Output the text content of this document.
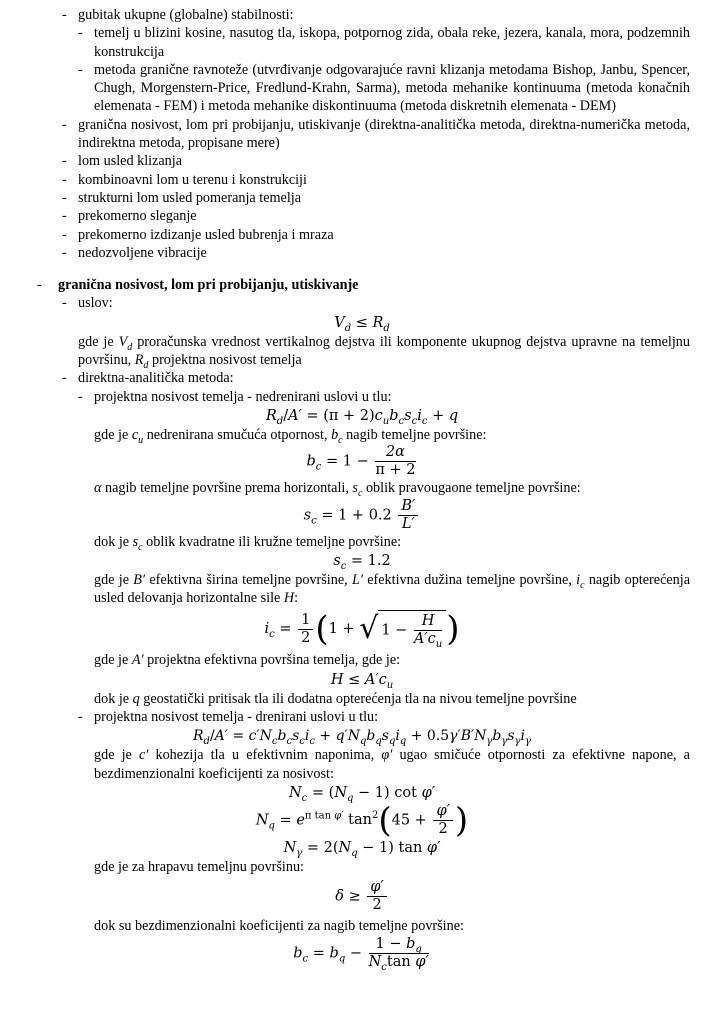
- gubitak ukupne (globalne) stabilnosti:
- temelj u blizini kosine, nasutog tla, iskopa, potpornog zida, obala reke, jezera, kanala, mora, podzemnih konstrukcija
- metoda granične ravnoteže (utvrđivanje odgovarajuće ravni klizanja metodama Bishop, Janbu, Spencer, Chugh, Morgenstern-Price, Fredlund-Krahn, Sarma), metoda mehanike kontinuuma (metoda konačnih elemenata - FEM) i metoda mehanike diskontinuuma (metoda diskretnih elemenata - DEM)
- granična nosivost, lom pri probijanju, utiskivanje (direktna-analitička metoda, direktna-numerička metoda, indirektna metoda, propisane mere)
- lom usled klizanja
- kombinoavni lom u terenu i konstrukciji
- strukturni lom usled pomeranja temelja
- prekomerno sleganje
- prekomerno izdizanje usled bubrenja i mraza
- nedozvoljene vibracije
- granična nosivost, lom pri probijanju, utiskivanje
- uslov:
$V_d \le R_d$
gde je $V_d$ proračunska vrednost vertikalnog dejstva ili komponente ukupnog dejstva upravne na temeljnu površinu, $R_d$ projektna nosivost temelja
- direktna-analitička metoda:
- projektna nosivost temelja - nedrenirani uslovi u tlu:
$R_d/A' = (\pi + 2)c_ub_cs_ci_c + q$
gde je $c_u$ nedrenirana smučuća otpornost, $b_c$ nagib temeljne površine:
$b_c = 1 - \frac{2\alpha}{\pi + 2}$
α nagib temeljne površine prema horizontali, $s_c$ oblik pravougaone temeljne površine:
$s_c = 1 + 0.2 \frac{B'}{L'}$
dok je $s_c$ oblik kvadratne ili kružne temeljne površine:
$s_c = 1.2$
gde je B′ efektivna širina temeljne površine, L′ efektivna dužina temeljne površine, $i_c$ nagib opterećenja usled delovanja horizontalne sile H:
$i_c = \frac{1}{2} (1$ + √ $1 - \frac{H}{A'c_u}$ )
gde je A′ projektna efektivna površina temelja, gde je:
$H \le A'c_u$
dok je q geostatički pritisak tla ili dodatna opterećenja tla na nivou temeljne površine
- projektna nosivost temelja - drenirani uslovi u tlu:
$R_d/A' = c'N_cb_cs_ci_c + q'N_qb_qs_qi_q + 0.5\gamma'B'N_\gamma b_\gamma s_\gamma i_\gamma$
gde je c′ kohezija tla u efektivnim naponima, φ′ ugao smičuće otpornosti za efektivne napone, a bezdimenzionalni koeficijenti za nosivost:
$N_c = (N_q - 1)$ cot φ′
$N_q = e^{\pi tan \varphi'}$ $\tan^2(45 + \frac{\varphi'}{2}$ )
$N_\gamma = 2(N_q - 1)$ tan φ′
gde je za hrapavu temeljnu površinu:
$\delta \ge \frac{\varphi'}{2}$
dok su bezdimenzionalni koeficijenti za nagib temeljne površine:
$b_c = b_q - \frac{1 - b_q}{N_c\tan \varphi'}$
